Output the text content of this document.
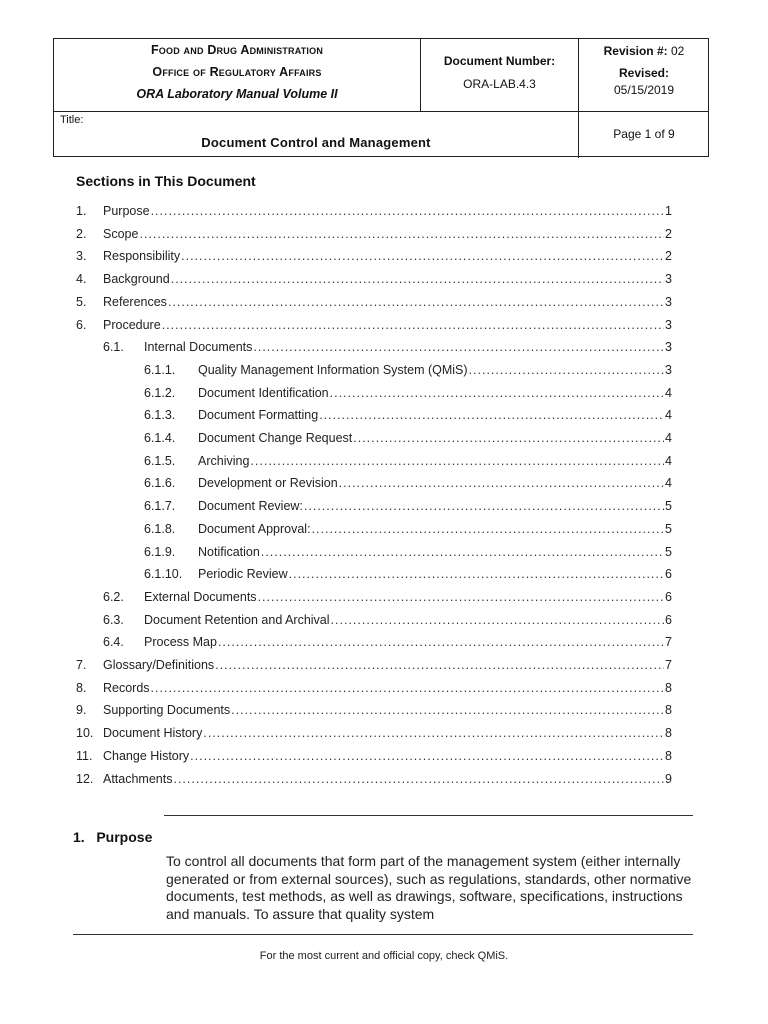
Food and Drug Administration
Office of Regulatory Affairs
ORA Laboratory Manual Volume II
Document Number:
ORA-LAB.4.3
Revision #: 02
Revised:
05/15/2019
Title:
Document Control and Management
Page 1 of 9
Sections in This Document
1. Purpose .....	1
2. Scope .....	2
3. Responsibility .....	2
4. Background .....	3
5. References .....	3
6. Procedure .....	3
6.1. Internal Documents .....	3
6.1.1. Quality Management Information System (QMiS) .....	3
6.1.2. Document Identification .....	4
6.1.3. Document Formatting .....	4
6.1.4. Document Change Request .....	4
6.1.5. Archiving .....	4
6.1.6. Development or Revision .....	4
6.1.7. Document Review: .....	5
6.1.8. Document Approval: .....	5
6.1.9. Notification .....	5
6.1.10. Periodic Review .....	6
6.2. External Documents .....	6
6.3. Document Retention and Archival .....	6
6.4. Process Map .....	7
7. Glossary/Definitions .....	7
8. Records .....	8
9. Supporting Documents .....	8
10. Document History .....	8
11. Change History .....	8
12. Attachments .....	9
1.   Purpose
To control all documents that form part of the management system (either internally generated or from external sources), such as regulations, standards, other normative documents, test methods, as well as drawings, software, specifications, instructions and manuals. To assure that quality system
For the most current and official copy, check QMiS.
